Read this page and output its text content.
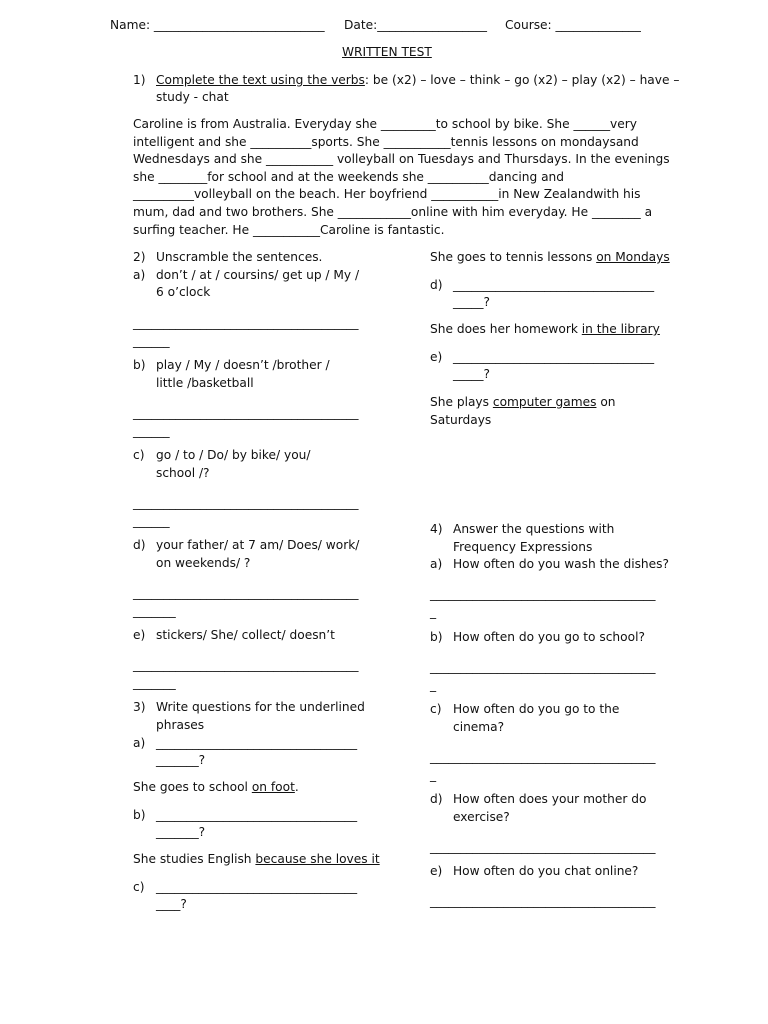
Name: ____________________________ Date:__________________ Course: ______________
WRITTEN TEST
1) Complete the text using the verbs: be (x2) – love – think – go (x2) – play (x2) – have –
study - chat
Caroline is from Australia. Everyday she _________to school by bike. She ______very
intelligent and she __________sports. She ___________tennis lessons on mondaysand
Wednesdays and she ___________ volleyball on Tuesdays and Thursdays. In the evenings
she ________for school and at the weekends she __________dancing and
__________volleyball on the beach. Her boyfriend ___________in New Zealandwith his
mum, dad and two brothers. She ____________online with him everyday. He ________ a
surfing teacher. He ___________Caroline is fantastic.
2) Unscramble the sentences.
a) don’t / at / coursins/ get up / My /
6 o’clock
_____________________________________
______
b) play / My / doesn’t /brother /
little /basketball
_____________________________________
______
c) go / to / Do/ by bike/ you/
school /?
_____________________________________
______
d) your father/ at 7 am/ Does/ work/
on weekends/ ?
_____________________________________
_______
e) stickers/ She/ collect/ doesn’t
_____________________________________
_______
3) Write questions for the underlined
phrases
a) _________________________________
_______?
She goes to school on foot.
b) _________________________________
_______?
She studies English because she loves it
c) _________________________________
____?
She goes to tennis lessons on Mondays
d) _________________________________
_____?
She does her homework in the library
e) _________________________________
_____?
She plays computer games on
Saturdays
4) Answer the questions with
Frequency Expressions
a) How often do you wash the dishes?
_____________________________________
_
b) How often do you go to school?
_____________________________________
_
c) How often do you go to the
cinema?
_____________________________________
_
d) How often does your mother do
exercise?
_____________________________________
e) How often do you chat online?
_____________________________________
